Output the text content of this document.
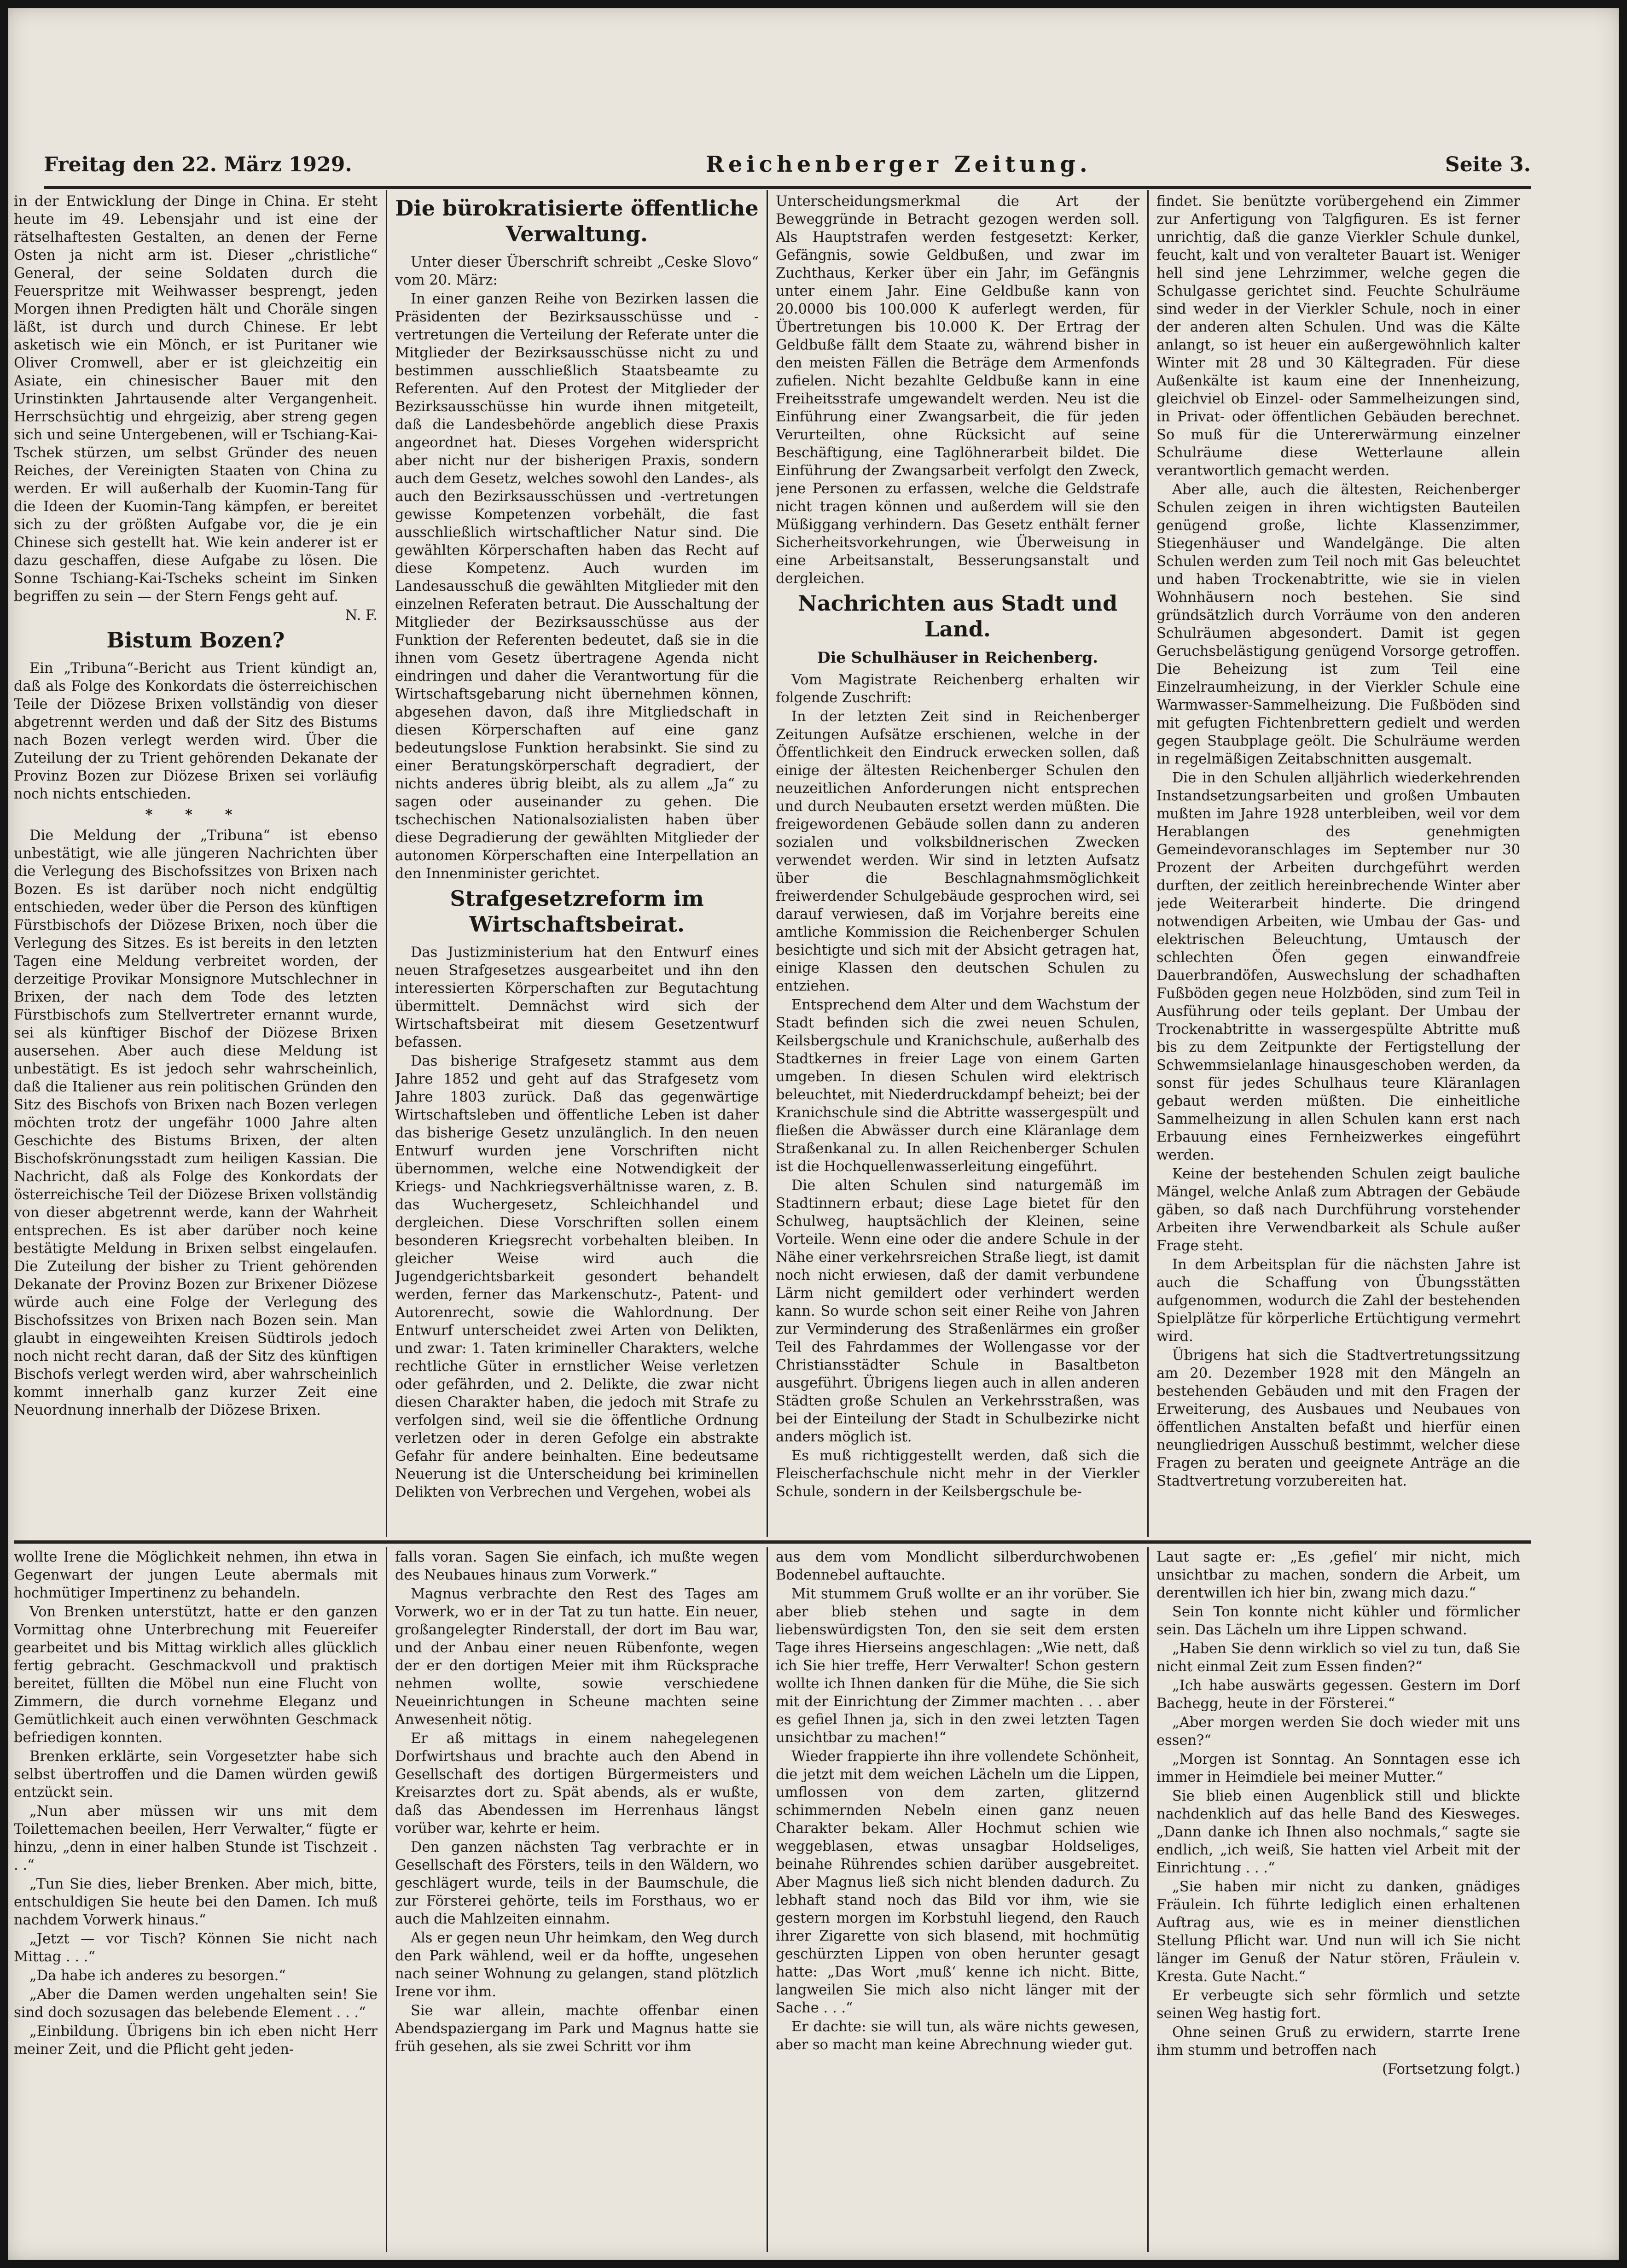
Freitag den 22. März 1929.	Reichenberger Zeitung.	Seite 3.

in der Entwicklung der Dinge in China. Er steht heute im 49. Lebensjahr und ist eine der rätselhaftesten Gestalten, an denen der Ferne Osten ja nicht arm ist. Dieser „christliche“ General, der seine Soldaten durch die Feuerspritze mit Weihwasser besprengt, jeden Morgen ihnen Predigten hält und Choräle singen läßt, ist durch und durch Chinese. Er lebt asketisch wie ein Mönch, er ist Puritaner wie Oliver Cromwell, aber er ist gleichzeitig ein Asiate, ein chinesischer Bauer mit den Urinstinkten Jahrtausende alter Vergangenheit. Herrschsüchtig und ehrgeizig, aber streng gegen sich und seine Untergebenen, will er Tschiang-Kai-Tschek stürzen, um selbst Gründer des neuen Reiches, der Vereinigten Staaten von China zu werden. Er will außerhalb der Kuomin-Tang für die Ideen der Kuomin-Tang kämpfen, er bereitet sich zu der größten Aufgabe vor, die je ein Chinese sich gestellt hat. Wie kein anderer ist er dazu geschaffen, diese Aufgabe zu lösen. Die Sonne Tschiang-Kai-Tscheks scheint im Sinken begriffen zu sein — der Stern Fengs geht auf.

N. F.
Bistum Bozen?

Ein „Tribuna“-Bericht aus Trient kündigt an, daß als Folge des Konkordats die österreichischen Teile der Diözese Brixen vollständig von dieser abgetrennt werden und daß der Sitz des Bistums nach Bozen verlegt werden wird. Über die Zuteilung der zu Trient gehörenden Dekanate der Provinz Bozen zur Diözese Brixen sei vorläufig noch nichts entschieden.

* * *

Die Meldung der „Tribuna“ ist ebenso unbestätigt, wie alle jüngeren Nachrichten über die Verlegung des Bischofssitzes von Brixen nach Bozen. Es ist darüber noch nicht endgültig entschieden, weder über die Person des künftigen Fürstbischofs der Diözese Brixen, noch über die Verlegung des Sitzes. Es ist bereits in den letzten Tagen eine Meldung verbreitet worden, der derzeitige Provikar Monsignore Mutschlechner in Brixen, der nach dem Tode des letzten Fürstbischofs zum Stellvertreter ernannt wurde, sei als künftiger Bischof der Diözese Brixen ausersehen. Aber auch diese Meldung ist unbestätigt. Es ist jedoch sehr wahrscheinlich, daß die Italiener aus rein politischen Gründen den Sitz des Bischofs von Brixen nach Bozen verlegen möchten trotz der ungefähr 1000 Jahre alten Geschichte des Bistums Brixen, der alten Bischofskrönungsstadt zum heiligen Kassian. Die Nachricht, daß als Folge des Konkordats der österreichische Teil der Diözese Brixen vollständig von dieser abgetrennt werde, kann der Wahrheit entsprechen. Es ist aber darüber noch keine bestätigte Meldung in Brixen selbst eingelaufen. Die Zuteilung der bisher zu Trient gehörenden Dekanate der Provinz Bozen zur Brixener Diözese würde auch eine Folge der Verlegung des Bischofssitzes von Brixen nach Bozen sein. Man glaubt in eingeweihten Kreisen Südtirols jedoch noch nicht recht daran, daß der Sitz des künftigen Bischofs verlegt werden wird, aber wahrscheinlich kommt innerhalb ganz kurzer Zeit eine Neuordnung innerhalb der Diözese Brixen.

Die bürokratisierte öffentliche Verwaltung.

Unter dieser Überschrift schreibt „Ceske Slovo“ vom 20. März:

In einer ganzen Reihe von Bezirken lassen die Präsidenten der Bezirksausschüsse und -vertretungen die Verteilung der Referate unter die Mitglieder der Bezirksausschüsse nicht zu und bestimmen ausschließlich Staatsbeamte zu Referenten. Auf den Protest der Mitglieder der Bezirksausschüsse hin wurde ihnen mitgeteilt, daß die Landesbehörde angeblich diese Praxis angeordnet hat. Dieses Vorgehen widerspricht aber nicht nur der bisherigen Praxis, sondern auch dem Gesetz, welches sowohl den Landes-, als auch den Bezirksausschüssen und -vertretungen gewisse Kompetenzen vorbehält, die fast ausschließlich wirtschaftlicher Natur sind. Die gewählten Körperschaften haben das Recht auf diese Kompetenz. Auch wurden im Landesausschuß die gewählten Mitglieder mit den einzelnen Referaten betraut. Die Ausschaltung der Mitglieder der Bezirksausschüsse aus der Funktion der Referenten bedeutet, daß sie in die ihnen vom Gesetz übertragene Agenda nicht eindringen und daher die Verantwortung für die Wirtschaftsgebarung nicht übernehmen können, abgesehen davon, daß ihre Mitgliedschaft in diesen Körperschaften auf eine ganz bedeutungslose Funktion herabsinkt. Sie sind zu einer Beratungskörperschaft degradiert, der nichts anderes übrig bleibt, als zu allem „Ja“ zu sagen oder auseinander zu gehen. Die tschechischen Nationalsozialisten haben über diese Degradierung der gewählten Mitglieder der autonomen Körperschaften eine Interpellation an den Innenminister gerichtet.

Strafgesetzreform im Wirtschaftsbeirat.

Das Justizministerium hat den Entwurf eines neuen Strafgesetzes ausgearbeitet und ihn den interessierten Körperschaften zur Begutachtung übermittelt. Demnächst wird sich der Wirtschaftsbeirat mit diesem Gesetzentwurf befassen.

Das bisherige Strafgesetz stammt aus dem Jahre 1852 und geht auf das Strafgesetz vom Jahre 1803 zurück. Daß das gegenwärtige Wirtschaftsleben und öffentliche Leben ist daher das bisherige Gesetz unzulänglich. In den neuen Entwurf wurden jene Vorschriften nicht übernommen, welche eine Notwendigkeit der Kriegs- und Nachkriegsverhältnisse waren, z. B. das Wuchergesetz, Schleichhandel und dergleichen. Diese Vorschriften sollen einem besonderen Kriegsrecht vorbehalten bleiben. In gleicher Weise wird auch die Jugendgerichtsbarkeit gesondert behandelt werden, ferner das Markenschutz-, Patent- und Autorenrecht, sowie die Wahlordnung. Der Entwurf unterscheidet zwei Arten von Delikten, und zwar: 1. Taten krimineller Charakters, welche rechtliche Güter in ernstlicher Weise verletzen oder gefährden, und 2. Delikte, die zwar nicht diesen Charakter haben, die jedoch mit Strafe zu verfolgen sind, weil sie die öffentliche Ordnung verletzen oder in deren Gefolge ein abstrakte Gefahr für andere beinhalten. Eine bedeutsame Neuerung ist die Unterscheidung bei kriminellen Delikten von Verbrechen und Vergehen, wobei als

Unterscheidungsmerkmal die Art der Beweggründe in Betracht gezogen werden soll. Als Hauptstrafen werden festgesetzt: Kerker, Gefängnis, sowie Geldbußen, und zwar im Zuchthaus, Kerker über ein Jahr, im Gefängnis unter einem Jahr. Eine Geldbuße kann von 20.0000 bis 100.000 K auferlegt werden, für Übertretungen bis 10.000 K. Der Ertrag der Geldbuße fällt dem Staate zu, während bisher in den meisten Fällen die Beträge dem Armenfonds zufielen. Nicht bezahlte Geldbuße kann in eine Freiheitsstrafe umgewandelt werden. Neu ist die Einführung einer Zwangsarbeit, die für jeden Verurteilten, ohne Rücksicht auf seine Beschäftigung, eine Taglöhnerarbeit bildet. Die Einführung der Zwangsarbeit verfolgt den Zweck, jene Personen zu erfassen, welche die Geldstrafe nicht tragen können und außerdem will sie den Müßiggang verhindern. Das Gesetz enthält ferner Sicherheitsvorkehrungen, wie Überweisung in eine Arbeitsanstalt, Besserungsanstalt und dergleichen.

Nachrichten aus Stadt und Land.
Die Schulhäuser in Reichenberg.

Vom Magistrate Reichenberg erhalten wir folgende Zuschrift:

In der letzten Zeit sind in Reichenberger Zeitungen Aufsätze erschienen, welche in der Öffentlichkeit den Eindruck erwecken sollen, daß einige der ältesten Reichenberger Schulen den neuzeitlichen Anforderungen nicht entsprechen und durch Neubauten ersetzt werden müßten. Die freigewordenen Gebäude sollen dann zu anderen sozialen und volksbildnerischen Zwecken verwendet werden. Wir sind in letzten Aufsatz über die Beschlagnahmsmöglichkeit freiwerdender Schulgebäude gesprochen wird, sei darauf verwiesen, daß im Vorjahre bereits eine amtliche Kommission die Reichenberger Schulen besichtigte und sich mit der Absicht getragen hat, einige Klassen den deutschen Schulen zu entziehen.

Entsprechend dem Alter und dem Wachstum der Stadt befinden sich die zwei neuen Schulen, Keilsbergschule und Kranichschule, außerhalb des Stadtkernes in freier Lage von einem Garten umgeben. In diesen Schulen wird elektrisch beleuchtet, mit Niederdruckdampf beheizt; bei der Kranichschule sind die Abtritte wassergespült und fließen die Abwässer durch eine Kläranlage dem Straßenkanal zu. In allen Reichenberger Schulen ist die Hochquellenwasserleitung eingeführt.

Die alten Schulen sind naturgemäß im Stadtinnern erbaut; diese Lage bietet für den Schulweg, hauptsächlich der Kleinen, seine Vorteile. Wenn eine oder die andere Schule in der Nähe einer verkehrsreichen Straße liegt, ist damit noch nicht erwiesen, daß der damit verbundene Lärm nicht gemildert oder verhindert werden kann. So wurde schon seit einer Reihe von Jahren zur Verminderung des Straßenlärmes ein großer Teil des Fahrdammes der Wollengasse vor der Christiansstädter Schule in Basaltbeton ausgeführt. Übrigens liegen auch in allen anderen Städten große Schulen an Verkehrsstraßen, was bei der Einteilung der Stadt in Schulbezirke nicht anders möglich ist.

Es muß richtiggestellt werden, daß sich die Fleischerfachschule nicht mehr in der Vierkler Schule, sondern in der Keilsbergschule be-

findet. Sie benützte vorübergehend ein Zimmer zur Anfertigung von Talgfiguren. Es ist ferner unrichtig, daß die ganze Vierkler Schule dunkel, feucht, kalt und von veralteter Bauart ist. Weniger hell sind jene Lehrzimmer, welche gegen die Schulgasse gerichtet sind. Feuchte Schulräume sind weder in der Vierkler Schule, noch in einer der anderen alten Schulen. Und was die Kälte anlangt, so ist heuer ein außergewöhnlich kalter Winter mit 28 und 30 Kältegraden. Für diese Außenkälte ist kaum eine der Innenheizung, gleichviel ob Einzel- oder Sammelheizungen sind, in Privat- oder öffentlichen Gebäuden berechnet. So muß für die Untererwärmung einzelner Schulräume diese Wetterlaune allein verantwortlich gemacht werden.

Aber alle, auch die ältesten, Reichenberger Schulen zeigen in ihren wichtigsten Bauteilen genügend große, lichte Klassenzimmer, Stiegenhäuser und Wandelgänge. Die alten Schulen werden zum Teil noch mit Gas beleuchtet und haben Trockenabtritte, wie sie in vielen Wohnhäusern noch bestehen. Sie sind gründsätzlich durch Vorräume von den anderen Schulräumen abgesondert. Damit ist gegen Geruchsbelästigung genügend Vorsorge getroffen. Die Beheizung ist zum Teil eine Einzelraumheizung, in der Vierkler Schule eine Warmwasser-Sammelheizung. Die Fußböden sind mit gefugten Fichtenbrettern gedielt und werden gegen Staubplage geölt. Die Schulräume werden in regelmäßigen Zeitabschnitten ausgemalt.

Die in den Schulen alljährlich wiederkehrenden Instandsetzungsarbeiten und großen Umbauten mußten im Jahre 1928 unterbleiben, weil vor dem Herablangen des genehmigten Gemeindevoranschlages im September nur 30 Prozent der Arbeiten durchgeführt werden durften, der zeitlich hereinbrechende Winter aber jede Weiterarbeit hinderte. Die dringend notwendigen Arbeiten, wie Umbau der Gas- und elektrischen Beleuchtung, Umtausch der schlechten Öfen gegen einwandfreie Dauerbrandöfen, Auswechslung der schadhaften Fußböden gegen neue Holzböden, sind zum Teil in Ausführung oder teils geplant. Der Umbau der Trockenabtritte in wassergespülte Abtritte muß bis zu dem Zeitpunkte der Fertigstellung der Schwemmsielanlage hinausgeschoben werden, da sonst für jedes Schulhaus teure Kläranlagen gebaut werden müßten. Die einheitliche Sammelheizung in allen Schulen kann erst nach Erbauung eines Fernheizwerkes eingeführt werden.

Keine der bestehenden Schulen zeigt bauliche Mängel, welche Anlaß zum Abtragen der Gebäude gäben, so daß nach Durchführung vorstehender Arbeiten ihre Verwendbarkeit als Schule außer Frage steht.

In dem Arbeitsplan für die nächsten Jahre ist auch die Schaffung von Übungsstätten aufgenommen, wodurch die Zahl der bestehenden Spielplätze für körperliche Ertüchtigung vermehrt wird.

Übrigens hat sich die Stadtvertretungssitzung am 20. Dezember 1928 mit den Mängeln an bestehenden Gebäuden und mit den Fragen der Erweiterung, des Ausbaues und Neubaues von öffentlichen Anstalten befaßt und hierfür einen neungliedrigen Ausschuß bestimmt, welcher diese Fragen zu beraten und geeignete Anträge an die Stadtvertretung vorzubereiten hat.

wollte Irene die Möglichkeit nehmen, ihn etwa in Gegenwart der jungen Leute abermals mit hochmütiger Impertinenz zu behandeln.

Von Brenken unterstützt, hatte er den ganzen Vormittag ohne Unterbrechung mit Feuereifer gearbeitet und bis Mittag wirklich alles glücklich fertig gebracht. Geschmackvoll und praktisch bereitet, füllten die Möbel nun eine Flucht von Zimmern, die durch vornehme Eleganz und Gemütlichkeit auch einen verwöhnten Geschmack befriedigen konnten.

Brenken erklärte, sein Vorgesetzter habe sich selbst übertroffen und die Damen würden gewiß entzückt sein.

„Nun aber müssen wir uns mit dem Toilettemachen beeilen, Herr Verwalter,“ fügte er hinzu, „denn in einer halben Stunde ist Tischzeit . . .“

„Tun Sie dies, lieber Brenken. Aber mich, bitte, entschuldigen Sie heute bei den Damen. Ich muß nachdem Vorwerk hinaus.“

„Jetzt — vor Tisch? Können Sie nicht nach Mittag . . .“

„Da habe ich anderes zu besorgen.“

„Aber die Damen werden ungehalten sein! Sie sind doch sozusagen das belebende Element . . .“

„Einbildung. Übrigens bin ich eben nicht Herr meiner Zeit, und die Pflicht geht jeden-

falls voran. Sagen Sie einfach, ich mußte wegen des Neubaues hinaus zum Vorwerk.“

Magnus verbrachte den Rest des Tages am Vorwerk, wo er in der Tat zu tun hatte. Ein neuer, großangelegter Rinderstall, der dort im Bau war, und der Anbau einer neuen Rübenfonte, wegen der er den dortigen Meier mit ihm Rücksprache nehmen wollte, sowie verschiedene Neueinrichtungen in Scheune machten seine Anwesenheit nötig.

Er aß mittags in einem nahegelegenen Dorfwirtshaus und brachte auch den Abend in Gesellschaft des dortigen Bürgermeisters und Kreisarztes dort zu. Spät abends, als er wußte, daß das Abendessen im Herrenhaus längst vorüber war, kehrte er heim.

Den ganzen nächsten Tag verbrachte er in Gesellschaft des Försters, teils in den Wäldern, wo geschlägert wurde, teils in der Baumschule, die zur Försterei gehörte, teils im Forsthaus, wo er auch die Mahlzeiten einnahm.

Als er gegen neun Uhr heimkam, den Weg durch den Park wählend, weil er da hoffte, ungesehen nach seiner Wohnung zu gelangen, stand plötzlich Irene vor ihm.

Sie war allein, machte offenbar einen Abendspaziergang im Park und Magnus hatte sie früh gesehen, als sie zwei Schritt vor ihm

aus dem vom Mondlicht silberdurchwobenen Bodennebel auftauchte.

Mit stummem Gruß wollte er an ihr vorüber. Sie aber blieb stehen und sagte in dem liebenswürdigsten Ton, den sie seit dem ersten Tage ihres Hierseins angeschlagen: „Wie nett, daß ich Sie hier treffe, Herr Verwalter! Schon gestern wollte ich Ihnen danken für die Mühe, die Sie sich mit der Einrichtung der Zimmer machten . . . aber es gefiel Ihnen ja, sich in den zwei letzten Tagen unsichtbar zu machen!“

Wieder frappierte ihn ihre vollendete Schönheit, die jetzt mit dem weichen Lächeln um die Lippen, umflossen von dem zarten, glitzernd schimmernden Nebeln einen ganz neuen Charakter bekam. Aller Hochmut schien wie weggeblasen, etwas unsagbar Holdseliges, beinahe Rührendes schien darüber ausgebreitet. Aber Magnus ließ sich nicht blenden dadurch. Zu lebhaft stand noch das Bild vor ihm, wie sie gestern morgen im Korbstuhl liegend, den Rauch ihrer Zigarette von sich blasend, mit hochmütig geschürzten Lippen von oben herunter gesagt hatte: „Das Wort ‚muß‘ kenne ich nicht. Bitte, langweilen Sie mich also nicht länger mit der Sache . . .“

Er dachte: sie will tun, als wäre nichts gewesen, aber so macht man keine Abrechnung wieder gut.

Laut sagte er: „Es ‚gefiel‘ mir nicht, mich unsichtbar zu machen, sondern die Arbeit, um derentwillen ich hier bin, zwang mich dazu.“

Sein Ton konnte nicht kühler und förmlicher sein. Das Lächeln um ihre Lippen schwand.

„Haben Sie denn wirklich so viel zu tun, daß Sie nicht einmal Zeit zum Essen finden?“

„Ich habe auswärts gegessen. Gestern im Dorf Bachegg, heute in der Försterei.“

„Aber morgen werden Sie doch wieder mit uns essen?“

„Morgen ist Sonntag. An Sonntagen esse ich immer in Heimdiele bei meiner Mutter.“

Sie blieb einen Augenblick still und blickte nachdenklich auf das helle Band des Kiesweges. „Dann danke ich Ihnen also nochmals,“ sagte sie endlich, „ich weiß, Sie hatten viel Arbeit mit der Einrichtung . . .“

„Sie haben mir nicht zu danken, gnädiges Fräulein. Ich führte lediglich einen erhaltenen Auftrag aus, wie es in meiner dienstlichen Stellung Pflicht war. Und nun will ich Sie nicht länger im Genuß der Natur stören, Fräulein v. Kresta. Gute Nacht.“

Er verbeugte sich sehr förmlich und setzte seinen Weg hastig fort.

Ohne seinen Gruß zu erwidern, starrte Irene ihm stumm und betroffen nach

(Fortsetzung folgt.)
